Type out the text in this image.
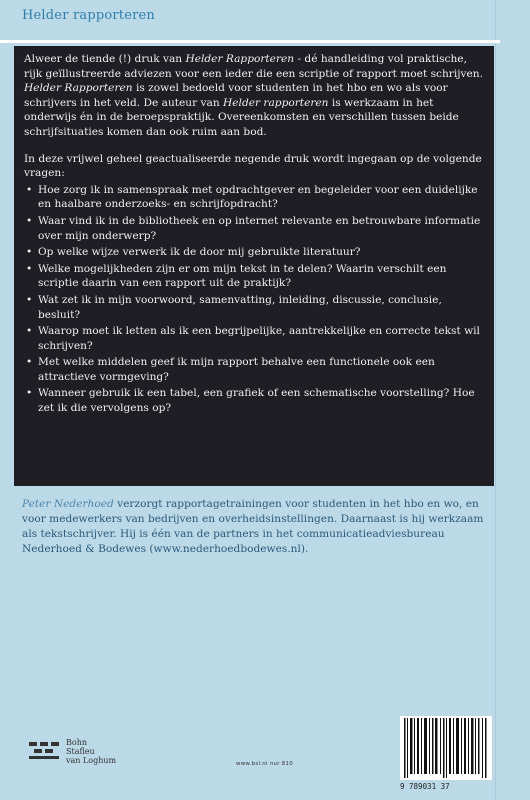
Helder rapporteren

Alweer de tiende (!) druk van Helder Rapporteren - dé handleiding vol praktische, rijk geïllustreerde adviezen voor een ieder die een scriptie of rapport moet schrijven. Helder Rapporteren is zowel bedoeld voor studenten in het hbo en wo als voor schrijvers in het veld. De auteur van Helder rapporteren is werkzaam in het onderwijs én in de beroepspraktijk. Overeenkomsten en verschillen tussen beide schrijfsituaties komen dan ook ruim aan bod.

In deze vrijwel geheel geactualiseerde negende druk wordt ingegaan op de volgende vragen:

• Hoe zorg ik in samenspraak met opdrachtgever en begeleider voor een duidelijke en haalbare onderzoeks- en schrijfopdracht?
• Waar vind ik in de bibliotheek en op internet relevante en betrouwbare informatie over mijn onderwerp?
• Op welke wijze verwerk ik de door mij gebruikte literatuur?
• Welke mogelijkheden zijn er om mijn tekst in te delen? Waarin verschilt een scriptie daarin van een rapport uit de praktijk?
• Wat zet ik in mijn voorwoord, samenvatting, inleiding, discussie, conclusie, besluit?
• Waarop moet ik letten als ik een begrijpelijke, aantrekkelijke en correcte tekst wil schrijven?
• Met welke middelen geef ik mijn rapport behalve een functionele ook een attractieve vormgeving?
• Wanneer gebruik ik een tabel, een grafiek of een schematische voorstelling? Hoe zet ik die vervolgens op?
Peter Nederhoed verzorgt rapportagetrainingen voor studenten in het hbo en wo, en voor medewerkers van bedrijven en overheidsinstellingen. Daarnaast is hij werkzaam als tekstschrijver. Hij is één van de partners in het communicatieadviesbureau Nederhoed & Bodewes (www.nederhoedbodewes.nl).
Bohn
Stafleu
van Loghum	www.bsl.nl nur 810
9 789031 37
